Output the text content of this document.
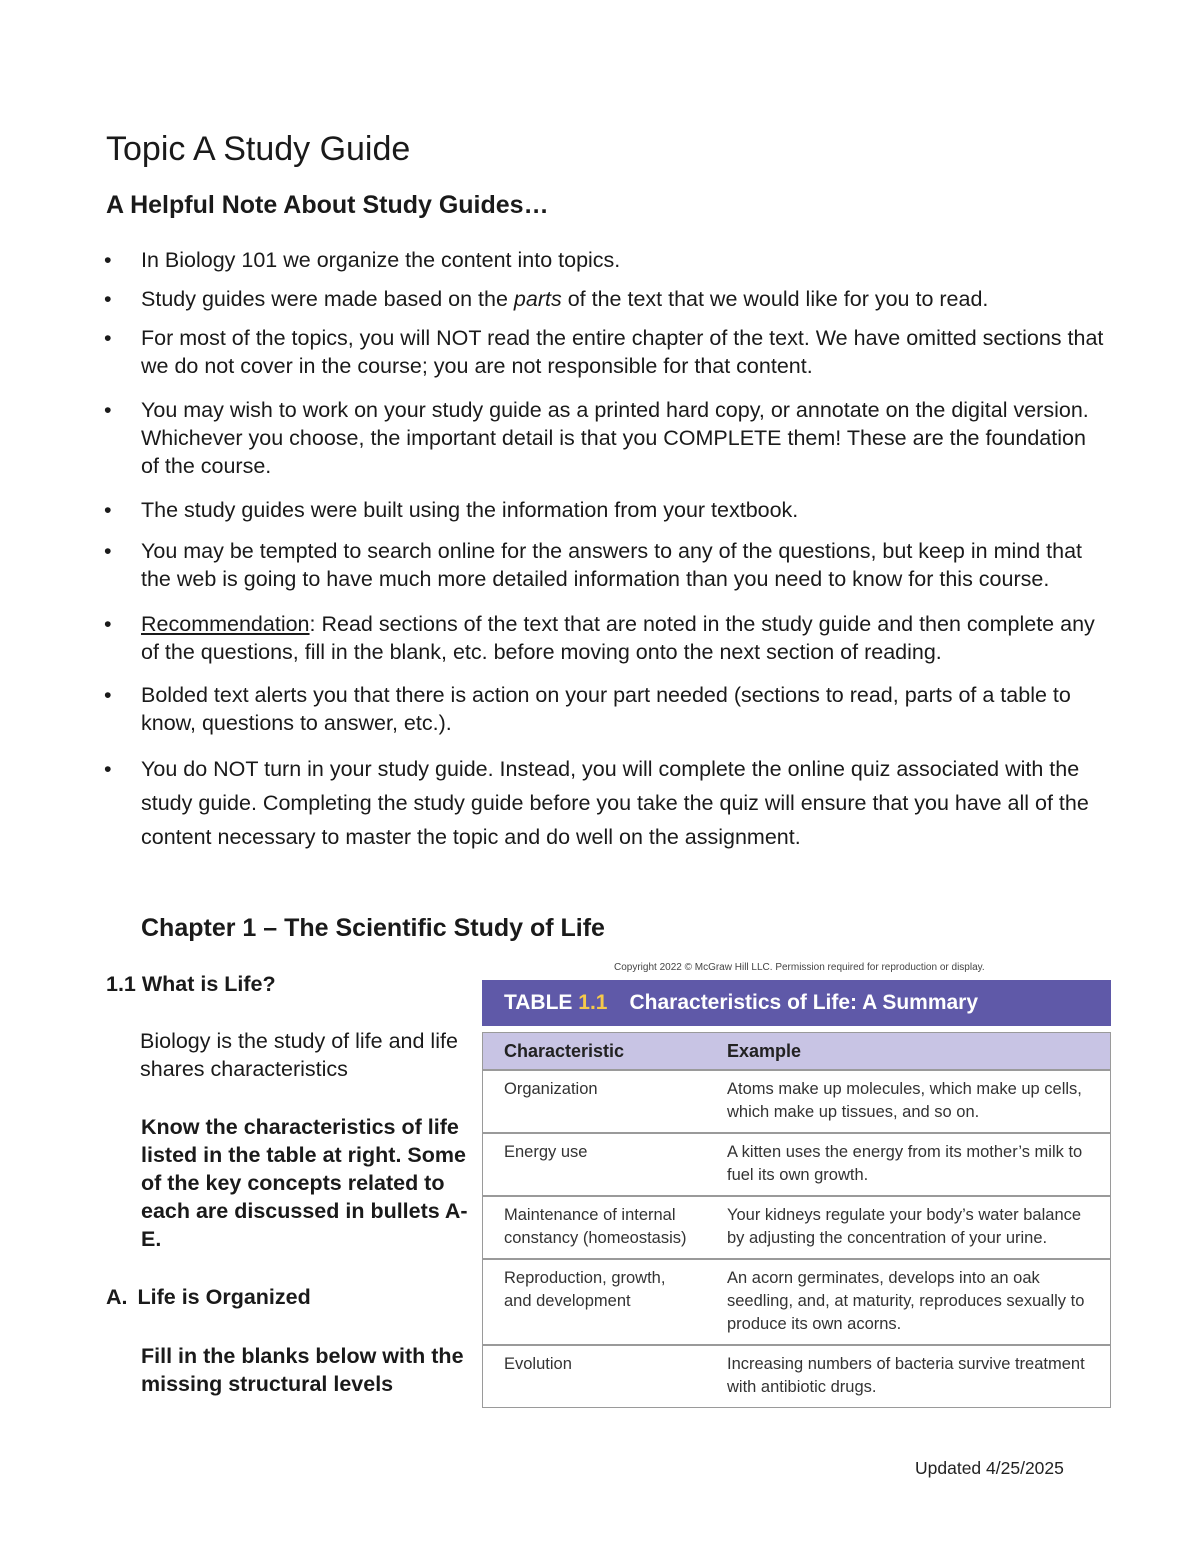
Topic A Study Guide
A Helpful Note About Study Guides…
• In Biology 101 we organize the content into topics.
• Study guides were made based on the parts of the text that we would like for you to read.
• For most of the topics, you will NOT read the entire chapter of the text. We have omitted sections that we do not cover in the course; you are not responsible for that content.
• You may wish to work on your study guide as a printed hard copy, or annotate on the digital version. Whichever you choose, the important detail is that you COMPLETE them! These are the foundation of the course.
• The study guides were built using the information from your textbook.
• You may be tempted to search online for the answers to any of the questions, but keep in mind that the web is going to have much more detailed information than you need to know for this course.
• Recommendation: Read sections of the text that are noted in the study guide and then complete any of the questions, fill in the blank, etc. before moving onto the next section of reading.
• Bolded text alerts you that there is action on your part needed (sections to read, parts of a table to know, questions to answer, etc.).
• You do NOT turn in your study guide. Instead, you will complete the online quiz associated with the study guide. Completing the study guide before you take the quiz will ensure that you have all of the content necessary to master the topic and do well on the assignment.
Chapter 1 – The Scientific Study of Life
1.1 What is Life?
Biology is the study of life and life shares characteristics
Know the characteristics of life listed in the table at right. Some of the key concepts related to each are discussed in bullets A-E.
A. Life is Organized
Fill in the blanks below with the missing structural levels
Copyright 2022 © McGraw Hill LLC. Permission required for reproduction or display.
TABLE 1.1 Characteristics of Life: A Summary
Characteristic	Example
Organization	Atoms make up molecules, which make up cells, which make up tissues, and so on.
Energy use	A kitten uses the energy from its mother’s milk to fuel its own growth.
Maintenance of internal constancy (homeostasis)	Your kidneys regulate your body’s water balance by adjusting the concentration of your urine.
Reproduction, growth, and development	An acorn germinates, develops into an oak seedling, and, at maturity, reproduces sexually to produce its own acorns.
Evolution	Increasing numbers of bacteria survive treatment with antibiotic drugs.
Updated 4/25/2025
